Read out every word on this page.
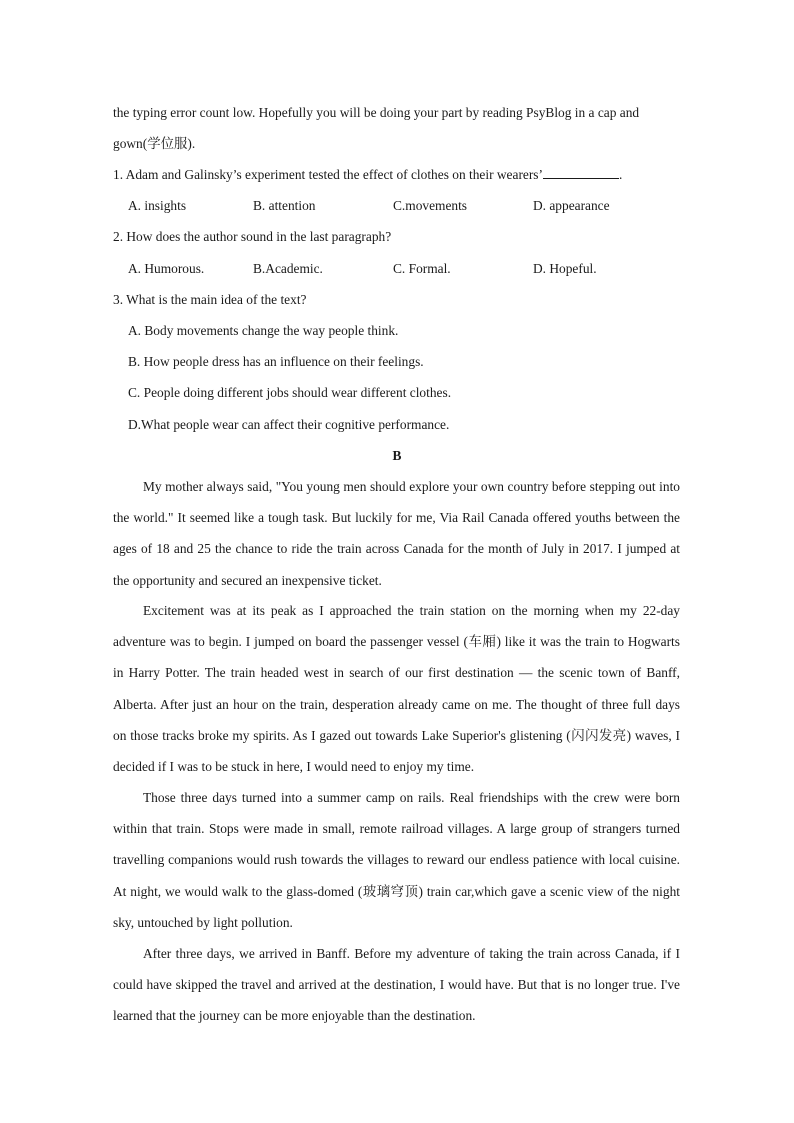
the typing error count low. Hopefully you will be doing your part by reading PsyBlog in a cap and
gown(学位服).
1. Adam and Galinsky’s experiment tested the effect of clothes on their wearers’	.
A. insights	B. attention	C.movements	D. appearance
2. How does the author sound in the last paragraph?
A. Humorous.	B.Academic.	C. Formal.	D. Hopeful.
3. What is the main idea of the text?
A. Body movements change the way people think.
B. How people dress has an influence on their feelings.
C. People doing different jobs should wear different clothes.
D.What people wear can affect their cognitive performance.
B
My mother always said, "You young men should explore your own country before stepping out into the world." It seemed like a tough task. But luckily for me, Via Rail Canada offered youths between the ages of 18 and 25 the chance to ride the train across Canada for the month of July in 2017. I jumped at the opportunity and secured an inexpensive ticket.
Excitement was at its peak as I approached the train station on the morning when my 22-day adventure was to begin. I jumped on board the passenger vessel (车厢) like it was the train to Hogwarts in Harry Potter. The train headed west in search of our first destination — the scenic town of Banff, Alberta. After just an hour on the train, desperation already came on me. The thought of three full days on those tracks broke my spirits. As I gazed out towards Lake Superior's glistening (闪闪发亮) waves, I decided if I was to be stuck in here, I would need to enjoy my time.
Those three days turned into a summer camp on rails. Real friendships with the crew were born within that train. Stops were made in small, remote railroad villages. A large group of strangers turned travelling companions would rush towards the villages to reward our endless patience with local cuisine. At night, we would walk to the glass-domed (玻璃穹顶) train car,which gave a scenic view of the night sky, untouched by light pollution.
After three days, we arrived in Banff. Before my adventure of taking the train across Canada, if I could have skipped the travel and arrived at the destination, I would have. But that is no longer true. I've learned that the journey can be more enjoyable than the destination.
